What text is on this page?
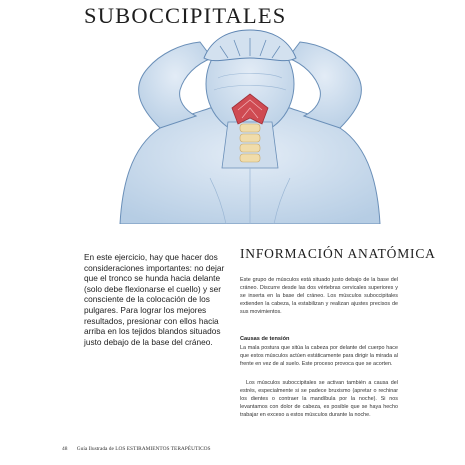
SUBOCCIPITALES

En este ejercicio, hay que hacer dos consideraciones importantes: no dejar que el tronco se hunda hacia delante (solo debe flexionarse el cuello) y ser consciente de la colocación de los pulgares. Para lograr los mejores resultados, presionar con ellos hacia arriba en los tejidos blandos situados justo debajo de la base del cráneo.

INFORMACIÓN ANATÓMICA

Este grupo de músculos está situado justo debajo de la base del cráneo. Discurre desde las dos vértebras cervicales superiores y se inserta en la base del cráneo. Los músculos suboccipitales extienden la cabeza, la estabilizan y realizan ajustes precisos de sus movimientos.

Causas de tensión

La mala postura que sitúa la cabeza por delante del cuerpo hace que estos músculos actúen estáticamente para dirigir la mirada al frente en vez de al suelo. Este proceso provoca que se acorten.

Los músculos suboccipitales se activan también a causa del estrés, especialmente si se padece bruxismo (apretar o rechinar los dientes o contraer la mandíbula por la noche). Si nos levantamos con dolor de cabeza, es posible que se haya hecho trabajar en exceso a estos músculos durante la noche.

48 Guía Ilustrada de LOS ESTIRAMIENTOS TERAPÉUTICOS
